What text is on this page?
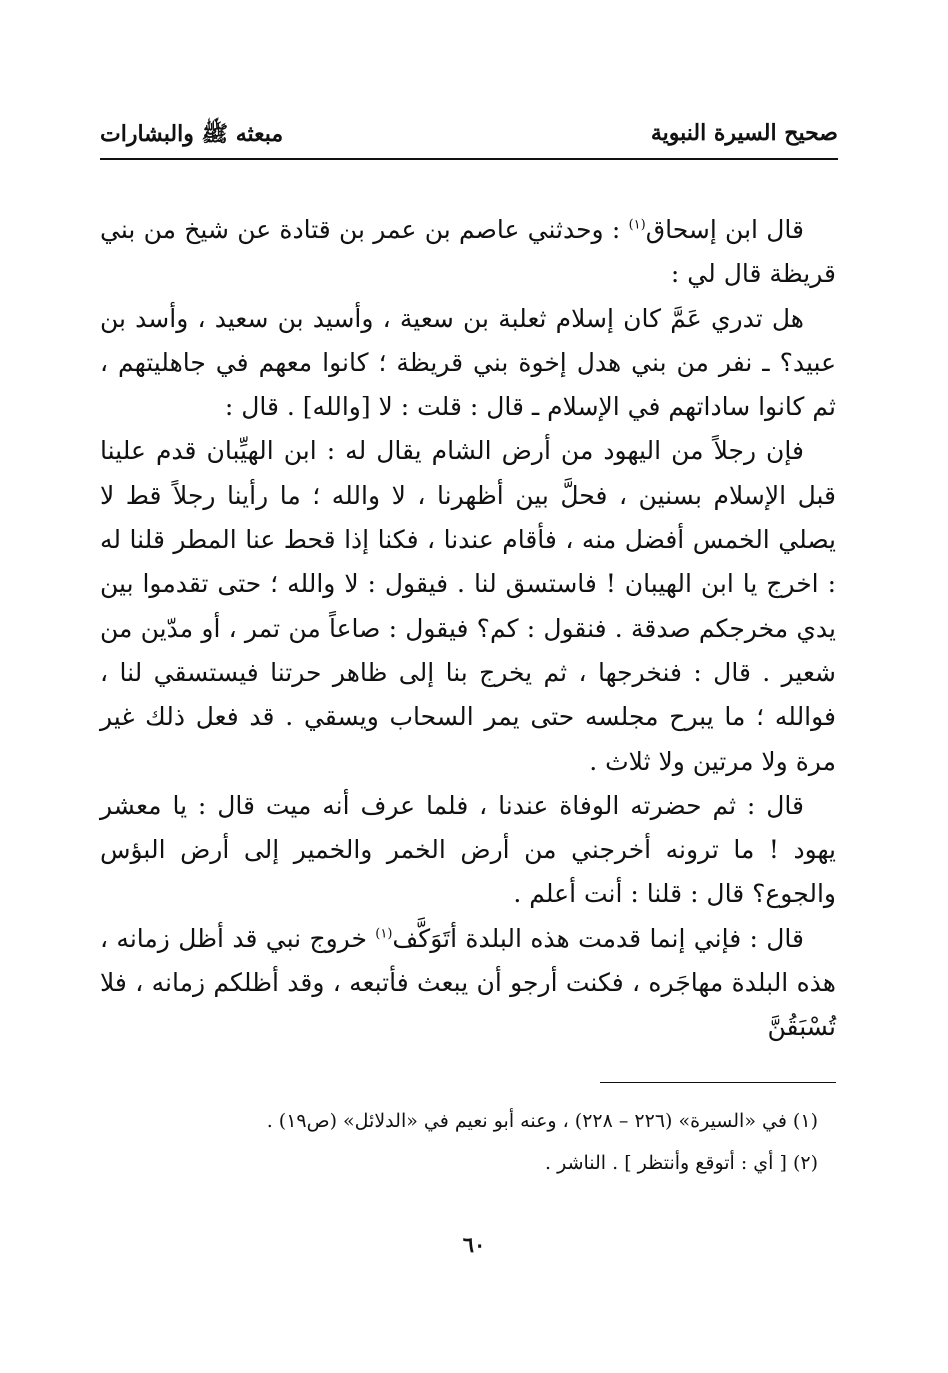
صحيح السيرة النبوية
مبعثه ﷺ والبشارات

قال ابن إسحاق$^{(١)}$ : وحدثني عاصم بن عمر بن قتادة عن شيخ من بني قريظة قال لي :

هل تدري عَمَّ كان إسلام ثعلبة بن سعية ، وأسيد بن سعيد ، وأسد بن عبيد؟ ـ نفر من بني هدل إخوة بني قريظة ؛ كانوا معهم في جاهليتهم ، ثم كانوا ساداتهم في الإسلام ـ قال : قلت : لا [والله] . قال :

فإن رجلاً من اليهود من أرض الشام يقال له : ابن الهيِّبان قدم علينا قبل الإسلام بسنين ، فحلَّ بين أظهرنا ، لا والله ؛ ما رأينا رجلاً قط لا يصلي الخمس أفضل منه ، فأقام عندنا ، فكنا إذا قحط عنا المطر قلنا له : اخرج يا ابن الهيبان ! فاستسق لنا . فيقول : لا والله ؛ حتى تقدموا بين يدي مخرجكم صدقة . فنقول : كم؟ فيقول : صاعاً من تمر ، أو مدّين من شعير . قال : فنخرجها ، ثم يخرج بنا إلى ظاهر حرتنا فيستسقي لنا ، فوالله ؛ ما يبرح مجلسه حتى يمر السحاب ويسقي . قد فعل ذلك غير مرة ولا مرتين ولا ثلاث .

قال : ثم حضرته الوفاة عندنا ، فلما عرف أنه ميت قال : يا معشر يهود ! ما ترونه أخرجني من أرض الخمر والخمير إلى أرض البؤس والجوع؟ قال : قلنا : أنت أعلم .

قال : فإني إنما قدمت هذه البلدة أتَوَكَّف$^{(١)}$ خروج نبي قد أظل زمانه ، هذه البلدة مهاجَره ، فكنت أرجو أن يبعث فأتبعه ، وقد أظلكم زمانه ، فلا تُسْبَقُنَّ

(١) في «السيرة» (٢٢٦ – ٢٢٨) ، وعنه أبو نعيم في «الدلائل» (ص١٩) .

(٢) [ أي : أتوقع وأنتظر ] . الناشر .

٦٠
